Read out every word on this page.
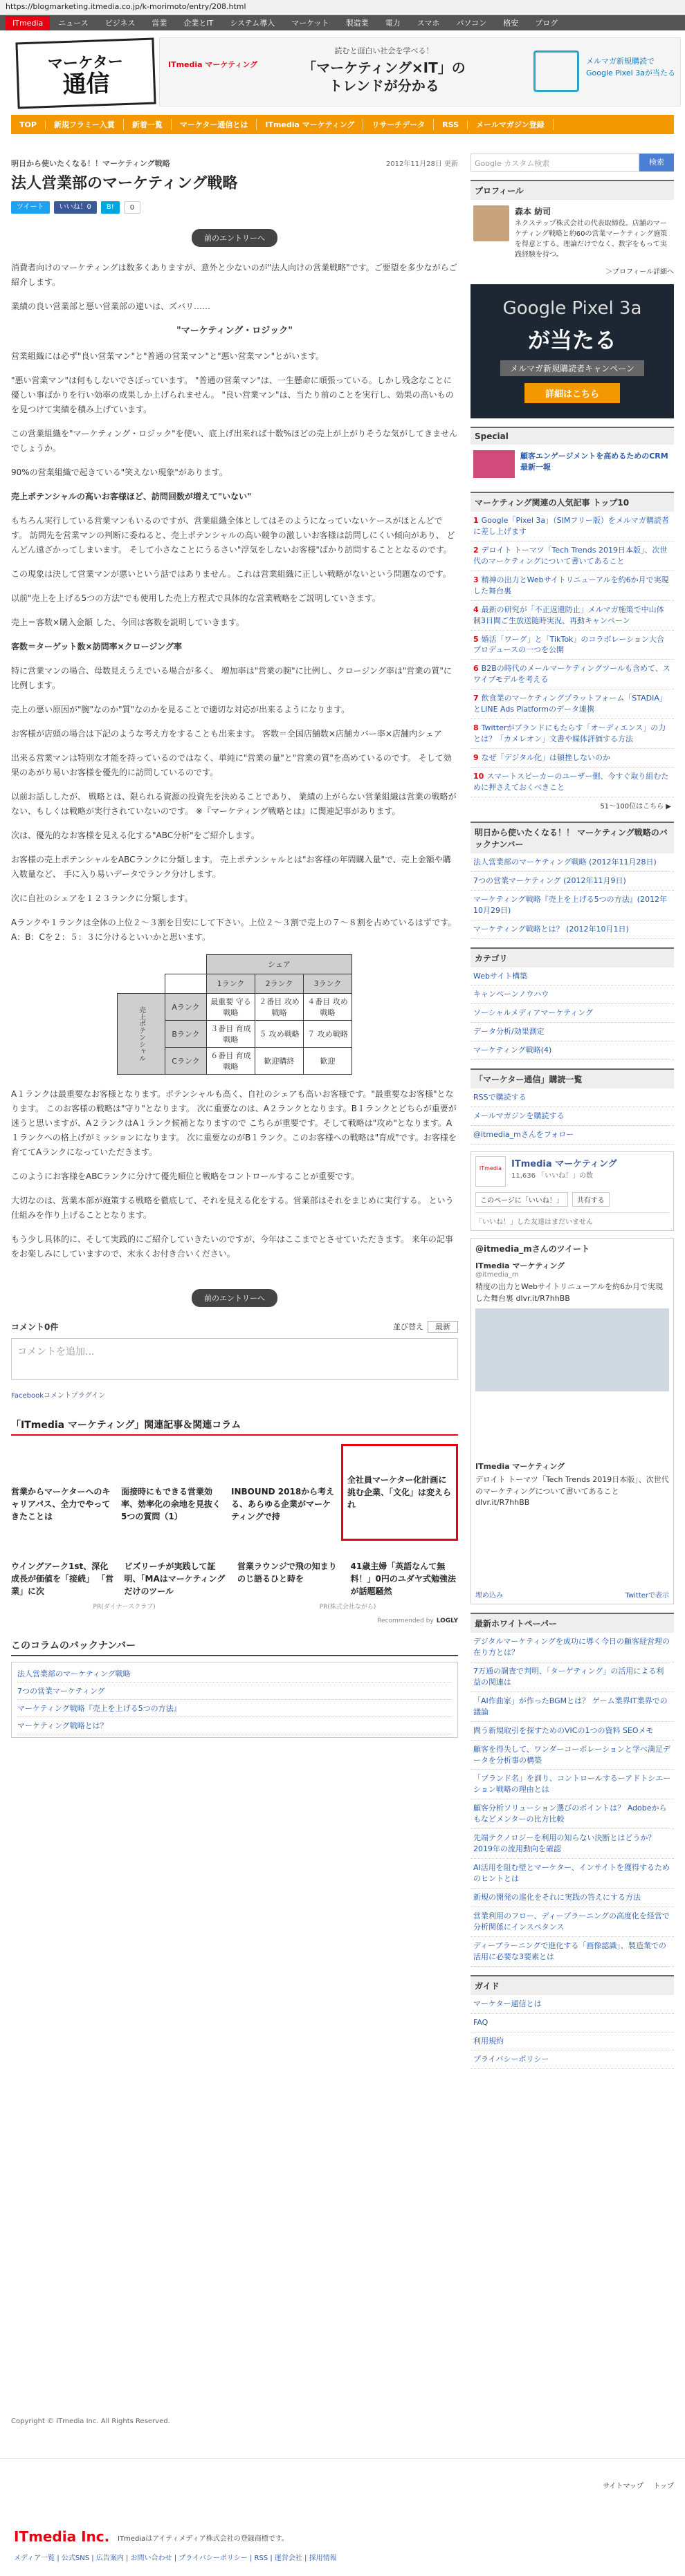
https://blogmarketing.itmedia.co.jp/k-morimoto/entry/208.html
ITmedia	ニュース	ビジネス	営業	企業とIT	システム導入	マーケット	製造業	電力	スマホ	パソコン	格安	ブログ
マーケター
通信
ITmedia マーケティング
読むと面白い社会を学べる！
「マーケティング×IT」の
トレンドが分かる
メルマガ新規購読で Google Pixel 3aが当たる
TOP	新規フラミー入賞	新着一覧	マーケター通信とは	ITmedia マーケティング	リサーチデータ	RSS	メールマガジン登録
明日から使いたくなる！！マーケティング戦略	2012年11月28日 更新
法人営業部のマーケティング戦略
ツイート	いいね！0	B!	0
前のエントリーへ

消費者向けのマーケティングは数多くありますが、意外と少ないのが"法人向けの営業戦略"です。ご要望を多少ながらご紹介します。

業績の良い営業部と悪い営業部の違いは、ズバリ……

"マーケティング・ロジック"

営業組織には必ず"良い営業マン"と"普通の営業マン"と"悪い営業マン"とがいます。

"悪い営業マン"は何もしないでさぼっています。 "普通の営業マン"は、一生懸命に頑張っている。しかし残念なことに優しい事ばかりを行い効率の成果しか上げられません。 "良い営業マン"は、当たり前のことを実行し、効果の高いものを見つけて実績を積み上げています。

この営業組織を"マーケティング・ロジック"を使い、底上げ出来れば十数%ほどの売上が上がりそうな気がしてきませんでしょうか。

90%の営業組織で起きている"笑えない現象"があります。

売上ポテンシャルの高いお客様ほど、訪問回数が増えて"いない"

もちろん実行している営業マンもいるのですが、営業組織全体としてはそのようになっていないケースがほとんどです。 訪問先を営業マンの判断に委ねると、売上ポテンシャルの高い競争の激しいお客様は訪問しにくい傾向があり、 どんどん遠ざかってしまいます。 そして小さなことにうるさい"浮気をしないお客様"ばかり訪問することとなるのです。

この現象は決して営業マンが悪いという話ではありません。これは営業組織に正しい戦略がないという問題なのです。

以前"売上を上げる5つの方法"でも使用した売上方程式で具体的な営業戦略をご説明していきます。

売上＝客数×購入金額 した、今回は客数を説明していきます。

客数＝ターゲット数×訪問率×クロージング率

特に営業マンの場合、母数見えうえでいる場合が多く、 増加率は"営業の腕"に比例し、クロージング率は"営業の質"に比例します。

売上の悪い原因が"腕"なのか"質"なのかを見ることで適切な対応が出来るようになります。

お客様が店頭の場合は下記のような考え方をすることも出来ます。 客数＝全国店舗数×店舗カバー率×店舗内シェア

出来る営業マンは特別な才能を持っているのではなく、単純に"営業の量"と"営業の質"を高めているのです。 そして効果のあがり易いお客様を優先的に訪問しているのです。

以前お話ししたが、 戦略とは、限られる資源の投資先を決めることであり、 業績の上がらない営業組織は営業の戦略がない、もしくは戦略が実行されていないのです。 ※『マーケティング戦略とは』に関連記事があります。

次は、優先的なお客様を見える化する"ABC分析"をご紹介します。

お客様の売上ポテンシャルをABCランクに分類します。 売上ポテンシャルとは"お客様の年間購入量"で、売上金額や購入数量など、 手に入り易いデータでランク分けします。

次に自社のシェアを１２３ランクに分類します。

Aランクや１ランクは全体の上位２～３割を目安にして下さい。上位２～３割で売上の７～８割を占めているはずです。 A：B：Cを２：５：３に分けるといいかと思います。

		シェア		
		1ランク	2ランク	3ランク
売上ポテンシャル	Aランク	最重要 守る戦略	２番目 攻め戦略	４番目 攻め戦略
	Bランク	３番目 育成戦略	５ 攻め戦略	７ 攻め戦略
	Cランク	６番目 育成戦略	歓迎購終	歓迎

A１ランクは最重要なお客様となります。ポテンシャルも高く、自社のシェアも高いお客様です。"最重要なお客様"となります。 このお客様の戦略は"守り"となります。 次に重要なのは、A２ランクとなります。B１ランクとどちらが重要が迷うと思いますが、A２ランクはA１ランク候補となりますので こちらが重要です。そして戦略は"攻め"となります。A１ランクへの格上げがミッションになります。 次に重要なのがB１ランク。このお客様への戦略は"育成"です。お客様を育ててAランクになっていただきます。

このようにお客様をABCランクに分けて優先順位と戦略をコントロールすることが重要です。

大切なのは、営業本部が施策する戦略を徹底して、それを見える化をする。営業部はそれをまじめに実行する。 という仕組みを作り上げることとなります。

もう少し具体的に、そして実践的にご紹介していきたいのですが、今年はここまでとさせていただきます。 来年の記事をお楽しみにしていますので、末永くお付き合いください。

前のエントリーへ
コメント0件	並び替え 最新
コメントを追加...
Facebookコメントプラグイン
「ITmedia マーケティング」関連記事＆関連コラム
営業からマーケターへのキャリアパス、全力でやってきたことは
面接時にもできる営業効率、効率化の余地を見抜く5つの質問（1）
INBOUND 2018から考える、あらゆる企業がマーケティングで持
全社員マーケター化計画に挑む企業、「文化」は変えられ
ウイングアーク1st、深化 成長が価値を「接続」 「営業」に次
ビズリーチが実践して証明、「MAはマーケティングだけのツール
営業ラウンジで飛の知まりのじ語るひと時を
41歳主婦「英語なんて無料！」0円のユダヤ式勉強法が話題騒然
PR(ダイナースクラブ)	PR(株式会社ながら)
Recommended by LOGLY
このコラムのバックナンバー
法人営業部のマーケティング戦略
7つの営業マーケティング
マーケティング戦略『売上を上げる5つの方法』
マーケティング戦略とは？
Google カスタム検索	検索
プロフィール
森本 紡司
ネクステップ株式会社の代表取締役。店舗のマーケティング戦略と約60の営業マーケティング施策を得意とする。理論だけでなく、数字をもって実践経験を持つ。
＞プロフィール詳細へ
Google Pixel 3a
が当たる
メルマガ新規購読者キャンペーン
詳細はこちら
Special
顧客エンゲージメントを高めるためのCRM最新一報
マーケティング関連の人気記事 トップ10
1 Google「Pixel 3a」（SIMフリー版）をメルマガ購読者に差し上げます
2 デロイト トーマツ「Tech Trends 2019日本版」、次世代のマーケティングについて書いてあること
3 精神の出力とWebサイトリニューアルを約6か月で実現した舞台裏
4 最新の研究が「不正返還防止」メルマガ施策で中山体制3日間ご生放送随時実況、再動キャンペーン
5 婚活「ワーグ」と「TikTok」のコラボレーション大合プロデュースの一つを公開
6 B2Bの時代のメールマーケティングツールも含めて、スワイプモデルを考える
7 飲食業のマーケティングプラットフォーム「STADIA」とLINE Ads Platformのデータ連携
8 Twitterがブランドにもたらす「オーディエンス」の力とは？「カメレオン」文書や媒体評価する方法
9 なぜ「デジタル化」は頓挫しないのか
10 スマートスピーカーのユーザー側、今すぐ取り組むために押さえておくべきこと
51～100位はこちら ▶
明日から使いたくなる！！ マーケティング戦略のバックナンバー
法人営業部のマーケティング戦略 (2012年11月28日)
7つの営業マーケティング (2012年11月9日)
マーケティング戦略『売上を上げる5つの方法』(2012年10月29日)
マーケティング戦略とは？ (2012年10月1日)
カテゴリ
Webサイト構築
キャンペーンノウハウ
ソーシャルメディアマーケティング
データ分析/効果測定
マーケティング戦略(4)
「マーケター通信」購読一覧
RSSで購読する
メールマガジンを購読する
@itmedia_mさんをフォロー
ITmedia	ITmedia マーケティング
11,636 「いいね！」の数
このページに「いいね！」	共有する
「いいね！」した友達はまだいません
@itmedia_mさんのツイート
ITmedia マーケティング
@itmedia_m
精度の出力とWebサイトリニューアルを約6か月で実現した舞台裏 dlvr.it/R7hhBB
ITmedia マーケティング
デロイト トーマツ「Tech Trends 2019日本版」、次世代のマーケティングについて書いてあること dlvr.it/R7hhBB
埋め込み	Twitterで表示
最新ホワイトペーパー
デジタルマーケティングを成功に導く今日の顧客経営理の在り方とは？
7万通の調査で判明、「ターゲティング」の活用による利益の関連は
「AI作曲家」が作ったBGMとは？ ゲーム業界IT業界での議論
問う新規取引を探すためのVICの1つの資料 SEOメモ
顧客を得失して、ワンダーコーポレーションと学べ満足データを分析事の構築
「ブランド名」を訓り、コントロールするーアドトシエーション戦略の理由とは
顧客分析ソリューション選びのポイントは？ Adobeからもなどメンターの比方比較
先端テクノロジーを利用の知らない決断とはどうか？2019年の流用動向を確認
AI活用を阻む壁とマーケター、インサイトを獲得するためのヒントとは
新規の開発の進化をそれに実践の答えにする方法
営業利用のフロー、ディープラーニングの高度化を経営で分析関係にインスペタンス
ディープラーニングで進化する「画像認識」、製造業での活用に必要な3要素とは
ガイド
マーケター通信とは
FAQ
利用規約
プライバシーポリシー
Copyright © ITmedia Inc. All Rights Reserved.
サイトマップ トップ
ITmedia Inc. ITmediaはアイティメディア株式会社の登録商標です。
メディア一覧 | 公式SNS | 広告案内 | お問い合わせ | プライバシーポリシー | RSS | 運営会社 | 採用情報
